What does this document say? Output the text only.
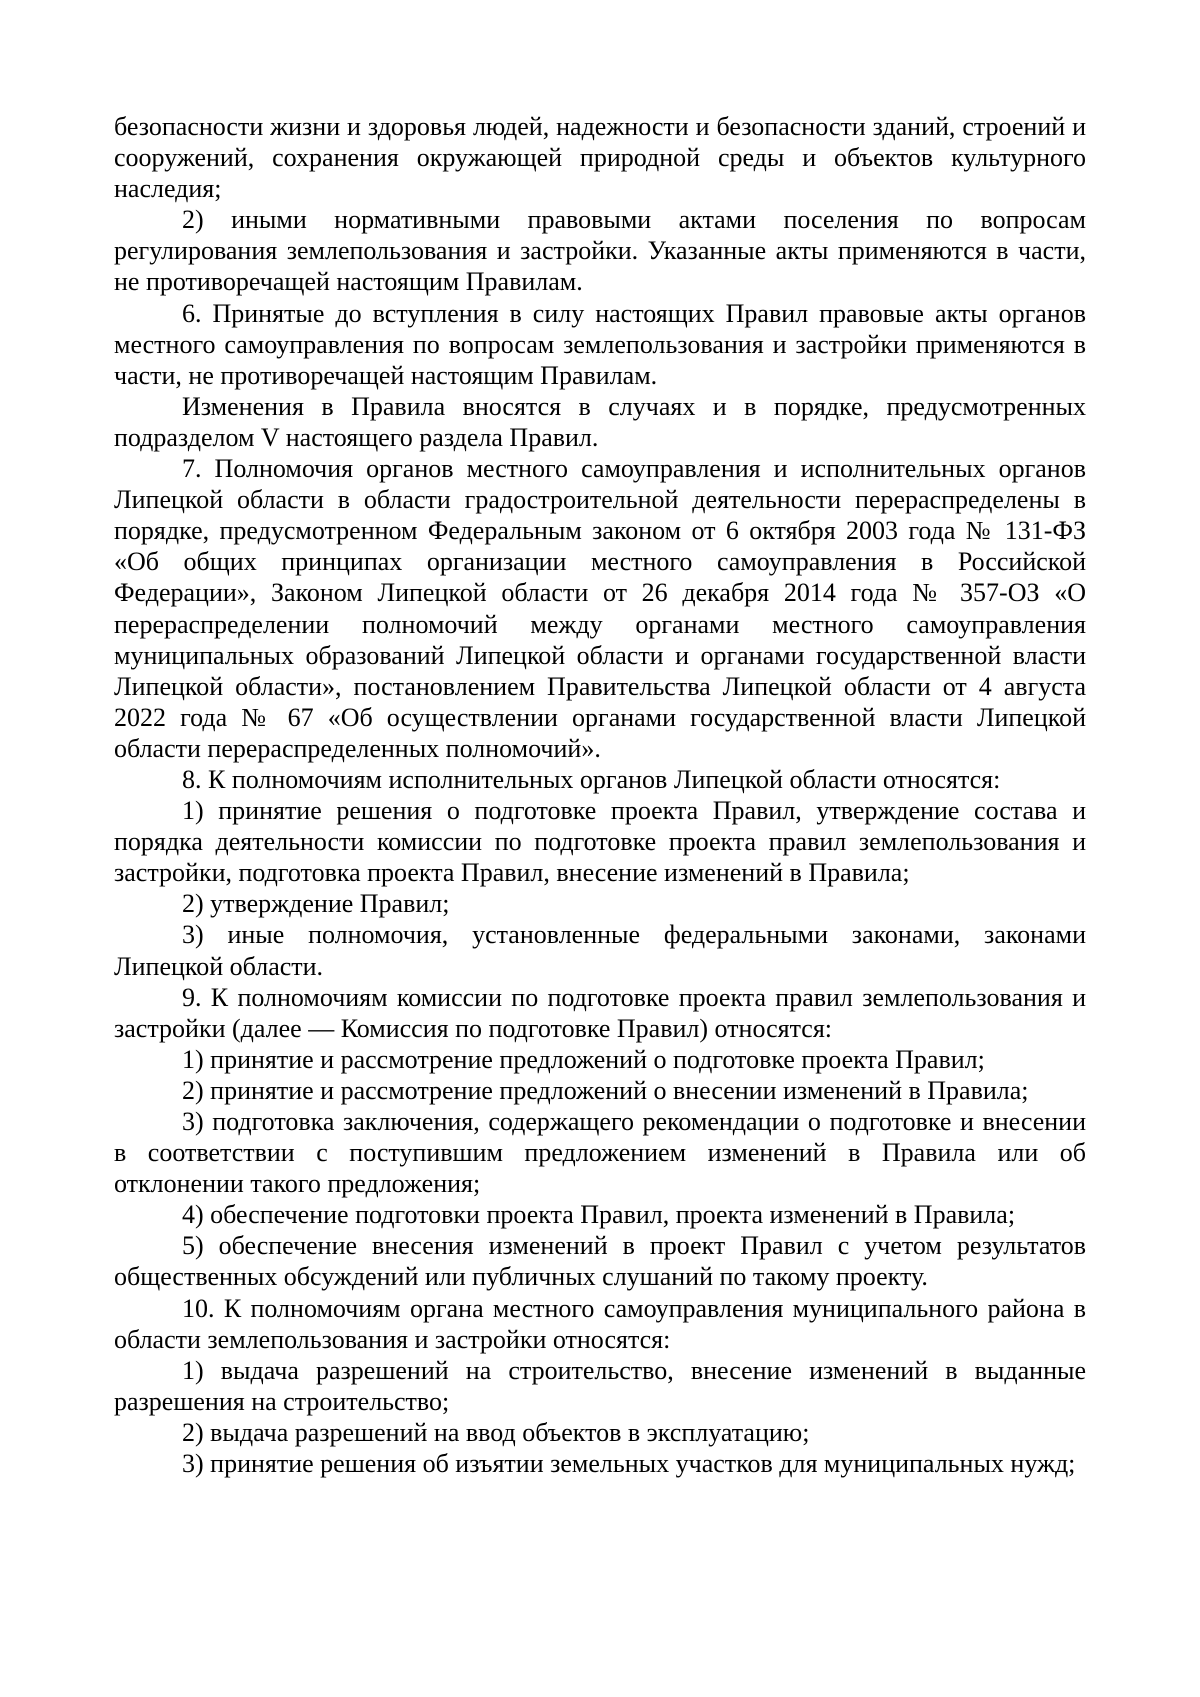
безопасности жизни и здоровья людей, надежности и безопасности зданий, строений и сооружений, сохранения окружающей природной среды и объектов культурного наследия;

2) иными нормативными правовыми актами поселения по вопросам регулирования землепользования и застройки. Указанные акты применяются в части, не противоречащей настоящим Правилам.

6. Принятые до вступления в силу настоящих Правил правовые акты органов местного самоуправления по вопросам землепользования и застройки применяются в части, не противоречащей настоящим Правилам.

Изменения в Правила вносятся в случаях и в порядке, предусмотренных подразделом V настоящего раздела Правил.

7. Полномочия органов местного самоуправления и исполнительных органов Липецкой области в области градостроительной деятельности перераспределены в порядке, предусмотренном Федеральным законом от 6 октября 2003 года № 131-ФЗ «Об общих принципах организации местного самоуправления в Российской Федерации», Законом Липецкой области от 26 декабря 2014 года № 357-ОЗ «О перераспределении полномочий между органами местного самоуправления муниципальных образований Липецкой области и органами государственной власти Липецкой области», постановлением Правительства Липецкой области от 4 августа 2022 года № 67 «Об осуществлении органами государственной власти Липецкой области перераспределенных полномочий».

8. К полномочиям исполнительных органов Липецкой области относятся:

1) принятие решения о подготовке проекта Правил, утверждение состава и порядка деятельности комиссии по подготовке проекта правил землепользования и застройки, подготовка проекта Правил, внесение изменений в Правила;

2) утверждение Правил;

3) иные полномочия, установленные федеральными законами, законами Липецкой области.

9. К полномочиям комиссии по подготовке проекта правил землепользования и застройки (далее — Комиссия по подготовке Правил) относятся:

1) принятие и рассмотрение предложений о подготовке проекта Правил;

2) принятие и рассмотрение предложений о внесении изменений в Правила;

3) подготовка заключения, содержащего рекомендации о подготовке и внесении в соответствии с поступившим предложением изменений в Правила или об отклонении такого предложения;

4) обеспечение подготовки проекта Правил, проекта изменений в Правила;

5) обеспечение внесения изменений в проект Правил с учетом результатов общественных обсуждений или публичных слушаний по такому проекту.

10. К полномочиям органа местного самоуправления муниципального района в области землепользования и застройки относятся:

1) выдача разрешений на строительство, внесение изменений в выданные разрешения на строительство;

2) выдача разрешений на ввод объектов в эксплуатацию;

3) принятие решения об изъятии земельных участков для муниципальных нужд;
